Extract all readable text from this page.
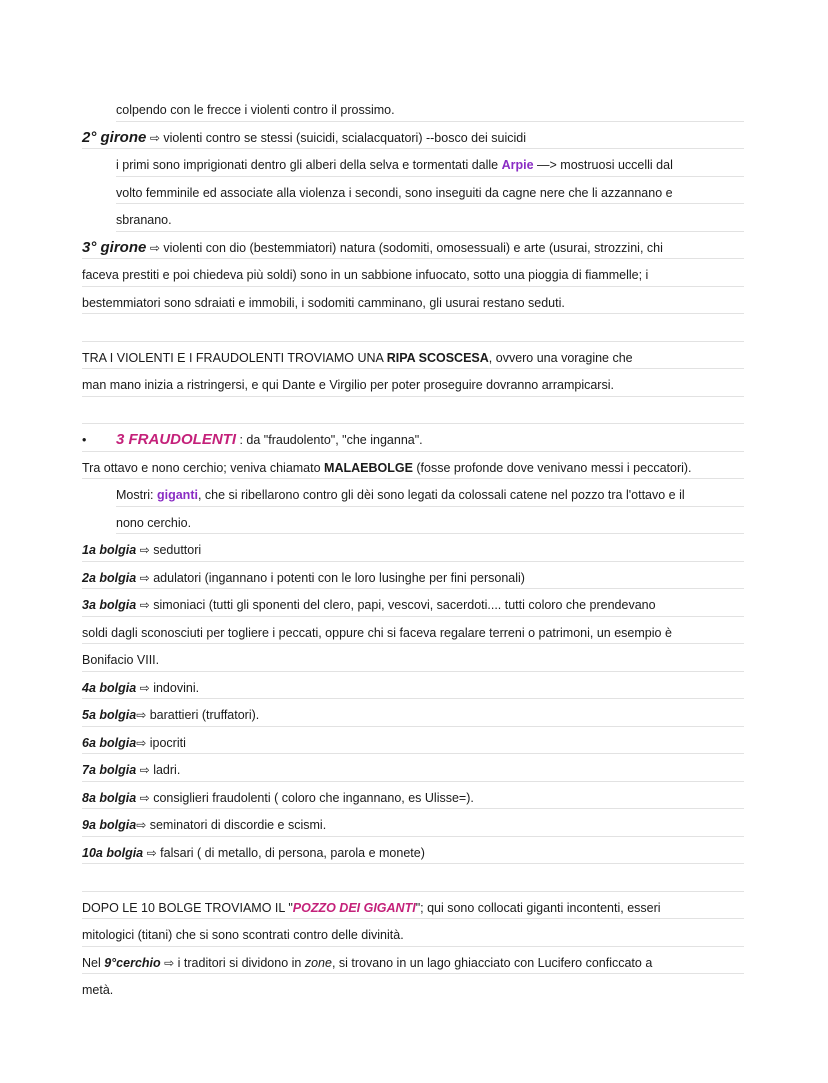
colpendo con le frecce i violenti contro il prossimo.
2° girone ⇨ violenti contro se stessi (suicidi, scialacquatori) --bosco dei suicidi
i primi sono imprigionati dentro gli alberi della selva e tormentati dalle Arpie —> mostruosi uccelli dal
volto femminile ed associate alla violenza i secondi, sono inseguiti da cagne nere che li azzannano e
sbranano.
3° girone ⇨ violenti con dio (bestemmiatori) natura (sodomiti, omosessuali) e arte (usurai, strozzini, chi
faceva prestiti e poi chiedeva più soldi) sono in un sabbione infuocato, sotto una pioggia di fiammelle; i
bestemmiatori sono sdraiati e immobili, i sodomiti camminano, gli usurai restano seduti.
TRA I VIOLENTI E I FRAUDOLENTI TROVIAMO UNA RIPA SCOSCESA, ovvero una voragine che
man mano inizia a ristringersi, e qui Dante e Virgilio per poter proseguire dovranno arrampicarsi.
• 3 FRAUDOLENTI : da "fraudolento", "che inganna".
Tra ottavo e nono cerchio; veniva chiamato MALAEBOLGE (fosse profonde dove venivano messi i peccatori).
Mostri: giganti, che si ribellarono contro gli dèi sono legati da colossali catene nel pozzo tra l'ottavo e il
nono cerchio.
1a bolgia ⇨ seduttori
2a bolgia ⇨ adulatori (ingannano i potenti con le loro lusinghe per fini personali)
3a bolgia ⇨ simoniaci (tutti gli sponenti del clero, papi, vescovi, sacerdoti.... tutti coloro che prendevano
soldi dagli sconosciuti per togliere i peccati, oppure chi si faceva regalare terreni o patrimoni, un esempio è
Bonifacio VIII.
4a bolgia ⇨ indovini.
5a bolgia⇨ barattieri (truffatori).
6a bolgia⇨ ipocriti
7a bolgia ⇨ ladri.
8a bolgia ⇨ consiglieri fraudolenti ( coloro che ingannano, es Ulisse=).
9a bolgia⇨ seminatori di discordie e scismi.
10a bolgia ⇨ falsari ( di metallo, di persona, parola e monete)
DOPO LE 10 BOLGE TROVIAMO IL "POZZO DEI GIGANTI"; qui sono collocati giganti incontenti, esseri
mitologici (titani) che si sono scontrati contro delle divinità.
Nel 9°cerchio ⇨ i traditori si dividono in zone, si trovano in un lago ghiacciato con Lucifero conficcato a
metà.
